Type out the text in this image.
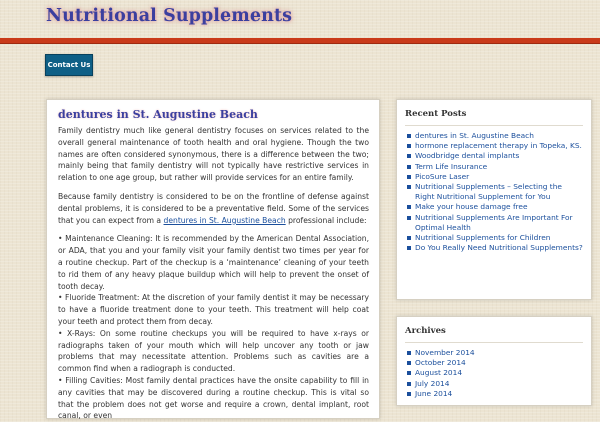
Nutritional Supplements
Contact Us
dentures in St. Augustine Beach

Family dentistry much like general dentistry focuses on services related to the overall general maintenance of tooth health and oral hygiene. Though the two names are often considered synonymous, there is a difference between the two; mainly being that family dentistry will not typically have restrictive services in relation to one age group, but rather will provide services for an entire family.

Because family dentistry is considered to be on the frontline of defense against dental problems, it is considered to be a preventative field. Some of the services that you can expect from a dentures in St. Augustine Beach professional include:

• Maintenance Cleaning: It is recommended by the American Dental Association, or ADA, that you and your family visit your family dentist two times per year for a routine checkup. Part of the checkup is a ‘maintenance’ cleaning of your teeth to rid them of any heavy plaque buildup which will help to prevent the onset of tooth decay.

• Fluoride Treatment: At the discretion of your family dentist it may be necessary to have a fluoride treatment done to your teeth. This treatment will help coat your teeth and protect them from decay.

• X-Rays: On some routine checkups you will be required to have x-rays or radiographs taken of your mouth which will help uncover any tooth or jaw problems that may necessitate attention. Problems such as cavities are a common find when a radiograph is conducted.

• Filling Cavities: Most family dental practices have the onsite capability to fill in any cavities that may be discovered during a routine checkup. This is vital so that the problem does not get worse and require a crown, dental implant, root canal, or even

Recent Posts
dentures in St. Augustine Beach
hormone replacement therapy in Topeka, KS.
Woodbridge dental implants
Term Life Insurance
PicoSure Laser
Nutritional Supplements – Selecting the Right Nutritional Supplement for You
Make your house damage free
Nutritional Supplements Are Important For Optimal Health
Nutritional Supplements for Children
Do You Really Need Nutritional Supplements?
Archives
November 2014
October 2014
August 2014
July 2014
June 2014
